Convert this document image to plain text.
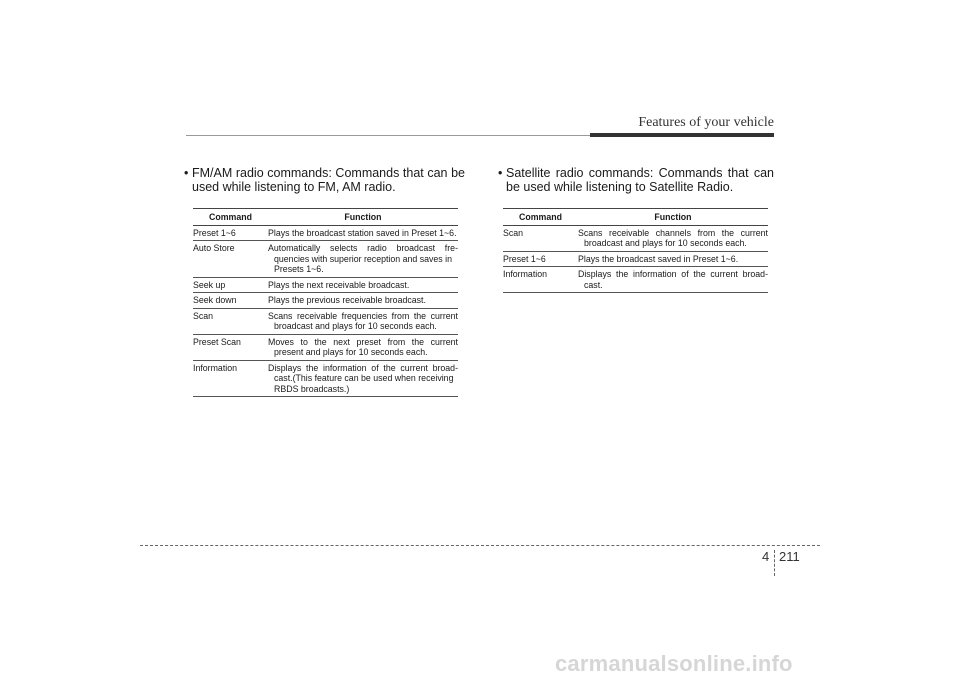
Features of your vehicle

• FM/AM radio commands: Commands that can be used while listening to FM, AM radio.

Command	Function
Preset 1~6	Plays the broadcast station saved in Preset 1~6.

Auto Store	Automatically selects radio broadcast fre-
quencies with superior reception and saves in Presets 1~6.

Seek up	Plays the next receivable broadcast.

Seek down	Plays the previous receivable broadcast.

Scan	Scans receivable frequencies from the current
broadcast and plays for 10 seconds each.

Preset Scan	Moves to the next preset from the current
present and plays for 10 seconds each.

Information	Displays the information of the current broad-
cast.(This feature can be used when receiving RBDS broadcasts.)

• Satellite radio commands: Commands that can be used while listening to Satellite Radio.

Command	Function
Scan	Scans receivable channels from the current
broadcast and plays for 10 seconds each.

Preset 1~6	Plays the broadcast saved in Preset 1~6.

Information	Displays the information of the current broad-
cast.
4 211
carmanualsonline.info
